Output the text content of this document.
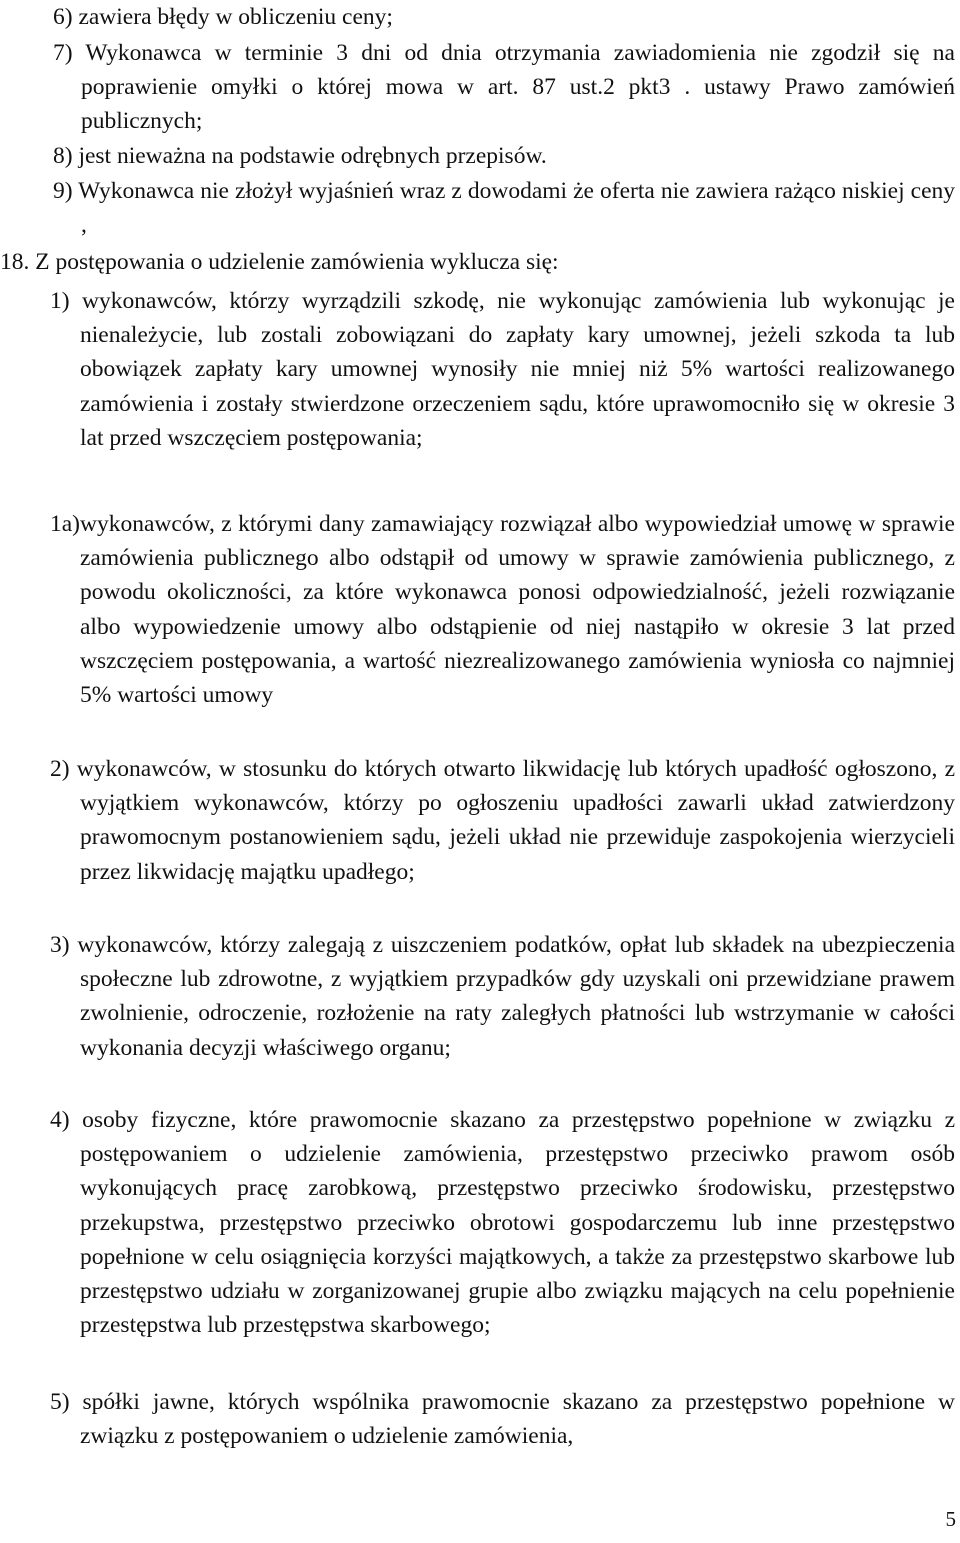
6) zawiera błędy w obliczeniu ceny;
7) Wykonawca w terminie 3 dni od dnia otrzymania zawiadomienia nie zgodził się na poprawienie omyłki o której mowa w art. 87 ust.2 pkt3 . ustawy Prawo zamówień publicznych;
8) jest nieważna na podstawie odrębnych przepisów.
9) Wykonawca nie złożył wyjaśnień wraz z dowodami że oferta nie zawiera rażąco niskiej ceny ,
18. Z postępowania o udzielenie zamówienia wyklucza się:
1) wykonawców, którzy wyrządzili szkodę, nie wykonując zamówienia lub wykonując je nienależycie, lub zostali zobowiązani do zapłaty kary umownej, jeżeli szkoda ta lub obowiązek zapłaty kary umownej wynosiły nie mniej niż 5% wartości realizowanego zamówienia i zostały stwierdzone orzeczeniem sądu, które uprawomocniło się w okresie 3 lat przed wszczęciem postępowania;
1a)wykonawców, z którymi dany zamawiający rozwiązał albo wypowiedział umowę w sprawie zamówienia publicznego albo odstąpił od umowy w sprawie zamówienia publicznego, z powodu okoliczności, za które wykonawca ponosi odpowiedzialność, jeżeli rozwiązanie albo wypowiedzenie umowy albo odstąpienie od niej nastąpiło w okresie 3 lat przed wszczęciem postępowania, a wartość niezrealizowanego zamówienia wyniosła co najmniej 5% wartości umowy
2) wykonawców, w stosunku do których otwarto likwidację lub których upadłość ogłoszono, z wyjątkiem wykonawców, którzy po ogłoszeniu upadłości zawarli układ zatwierdzony prawomocnym postanowieniem sądu, jeżeli układ nie przewiduje zaspokojenia wierzycieli przez likwidację majątku upadłego;
3) wykonawców, którzy zalegają z uiszczeniem podatków, opłat lub składek na ubezpieczenia społeczne lub zdrowotne, z wyjątkiem przypadków gdy uzyskali oni przewidziane prawem zwolnienie, odroczenie, rozłożenie na raty zaległych płatności lub wstrzymanie w całości wykonania decyzji właściwego organu;
4) osoby fizyczne, które prawomocnie skazano za przestępstwo popełnione w związku z postępowaniem o udzielenie zamówienia, przestępstwo przeciwko prawom osób wykonujących pracę zarobkową, przestępstwo przeciwko środowisku, przestępstwo przekupstwa, przestępstwo przeciwko obrotowi gospodarczemu lub inne przestępstwo popełnione w celu osiągnięcia korzyści majątkowych, a także za przestępstwo skarbowe lub przestępstwo udziału w zorganizowanej grupie albo związku mających na celu popełnienie przestępstwa lub przestępstwa skarbowego;
5) spółki jawne, których wspólnika prawomocnie skazano za przestępstwo popełnione w związku z postępowaniem o udzielenie zamówienia,
5
